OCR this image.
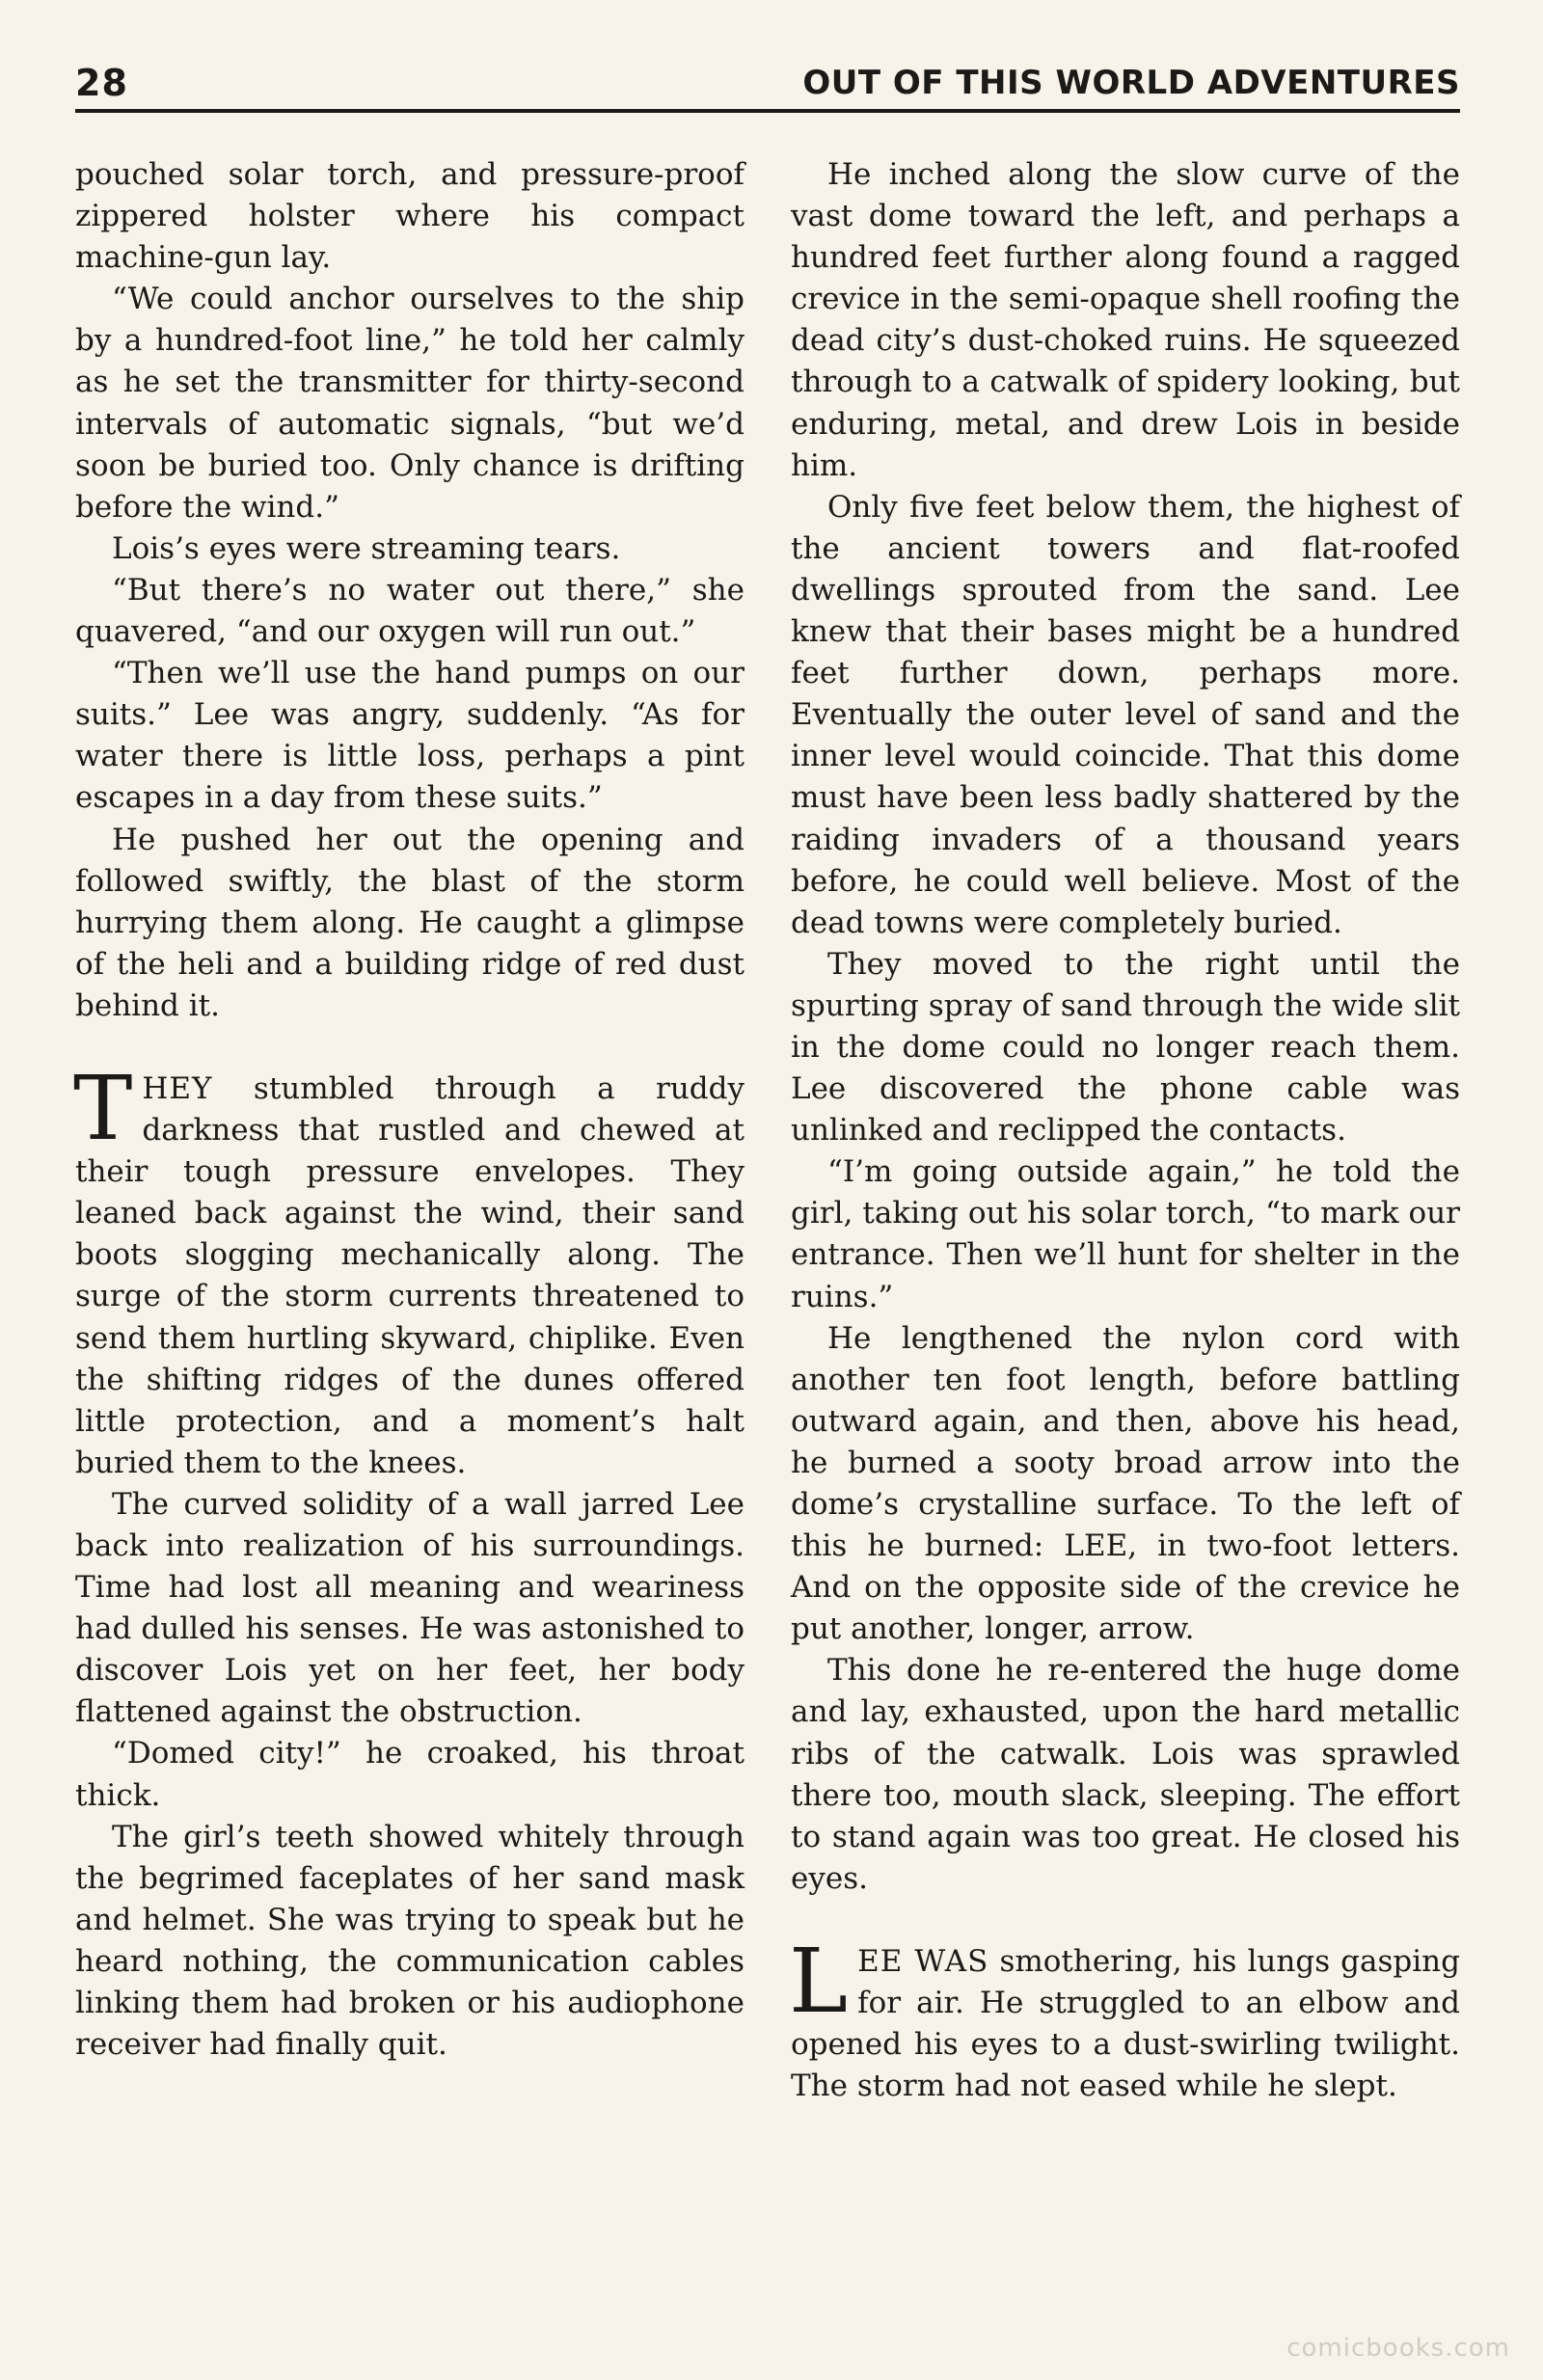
28	OUT OF THIS WORLD ADVENTURES

pouched solar torch, and pressure-proof zippered holster where his compact machine-gun lay.

“We could anchor ourselves to the ship by a hundred-foot line,” he told her calmly as he set the transmitter for thirty-second intervals of automatic signals, “but we’d soon be buried too. Only chance is drifting before the wind.”

Lois’s eyes were streaming tears.

“But there’s no water out there,” she quavered, “and our oxygen will run out.”

“Then we’ll use the hand pumps on our suits.” Lee was angry, suddenly. “As for water there is little loss, perhaps a pint escapes in a day from these suits.”

He pushed her out the opening and followed swiftly, the blast of the storm hurrying them along. He caught a glimpse of the heli and a building ridge of red dust behind it.

THEY stumbled through a ruddy darkness that rustled and chewed at their tough pressure envelopes. They leaned back against the wind, their sand boots slogging mechanically along. The surge of the storm currents threatened to send them hurtling skyward, chiplike. Even the shifting ridges of the dunes offered little protection, and a moment’s halt buried them to the knees.

The curved solidity of a wall jarred Lee back into realization of his surroundings. Time had lost all meaning and weariness had dulled his senses. He was astonished to discover Lois yet on her feet, her body flattened against the obstruction.

“Domed city!” he croaked, his throat thick.

The girl’s teeth showed whitely through the begrimed faceplates of her sand mask and helmet. She was trying to speak but he heard nothing, the communication cables linking them had broken or his audiophone receiver had finally quit.

He inched along the slow curve of the vast dome toward the left, and perhaps a hundred feet further along found a ragged crevice in the semi-opaque shell roofing the dead city’s dust-choked ruins. He squeezed through to a catwalk of spidery looking, but enduring, metal, and drew Lois in beside him.

Only five feet below them, the highest of the ancient towers and flat-roofed dwellings sprouted from the sand. Lee knew that their bases might be a hundred feet further down, perhaps more. Eventually the outer level of sand and the inner level would coincide. That this dome must have been less badly shattered by the raiding invaders of a thousand years before, he could well believe. Most of the dead towns were completely buried.

They moved to the right until the spurting spray of sand through the wide slit in the dome could no longer reach them. Lee discovered the phone cable was unlinked and reclipped the contacts.

“I’m going outside again,” he told the girl, taking out his solar torch, “to mark our entrance. Then we’ll hunt for shelter in the ruins.”

He lengthened the nylon cord with another ten foot length, before battling outward again, and then, above his head, he burned a sooty broad arrow into the dome’s crystalline surface. To the left of this he burned: LEE, in two-foot letters. And on the opposite side of the crevice he put another, longer, arrow.

This done he re-entered the huge dome and lay, exhausted, upon the hard metallic ribs of the catwalk. Lois was sprawled there too, mouth slack, sleeping. The effort to stand again was too great. He closed his eyes.

LEE WAS smothering, his lungs gasping for air. He struggled to an elbow and opened his eyes to a dust-swirling twilight. The storm had not eased while he slept.

comicbooks.com
